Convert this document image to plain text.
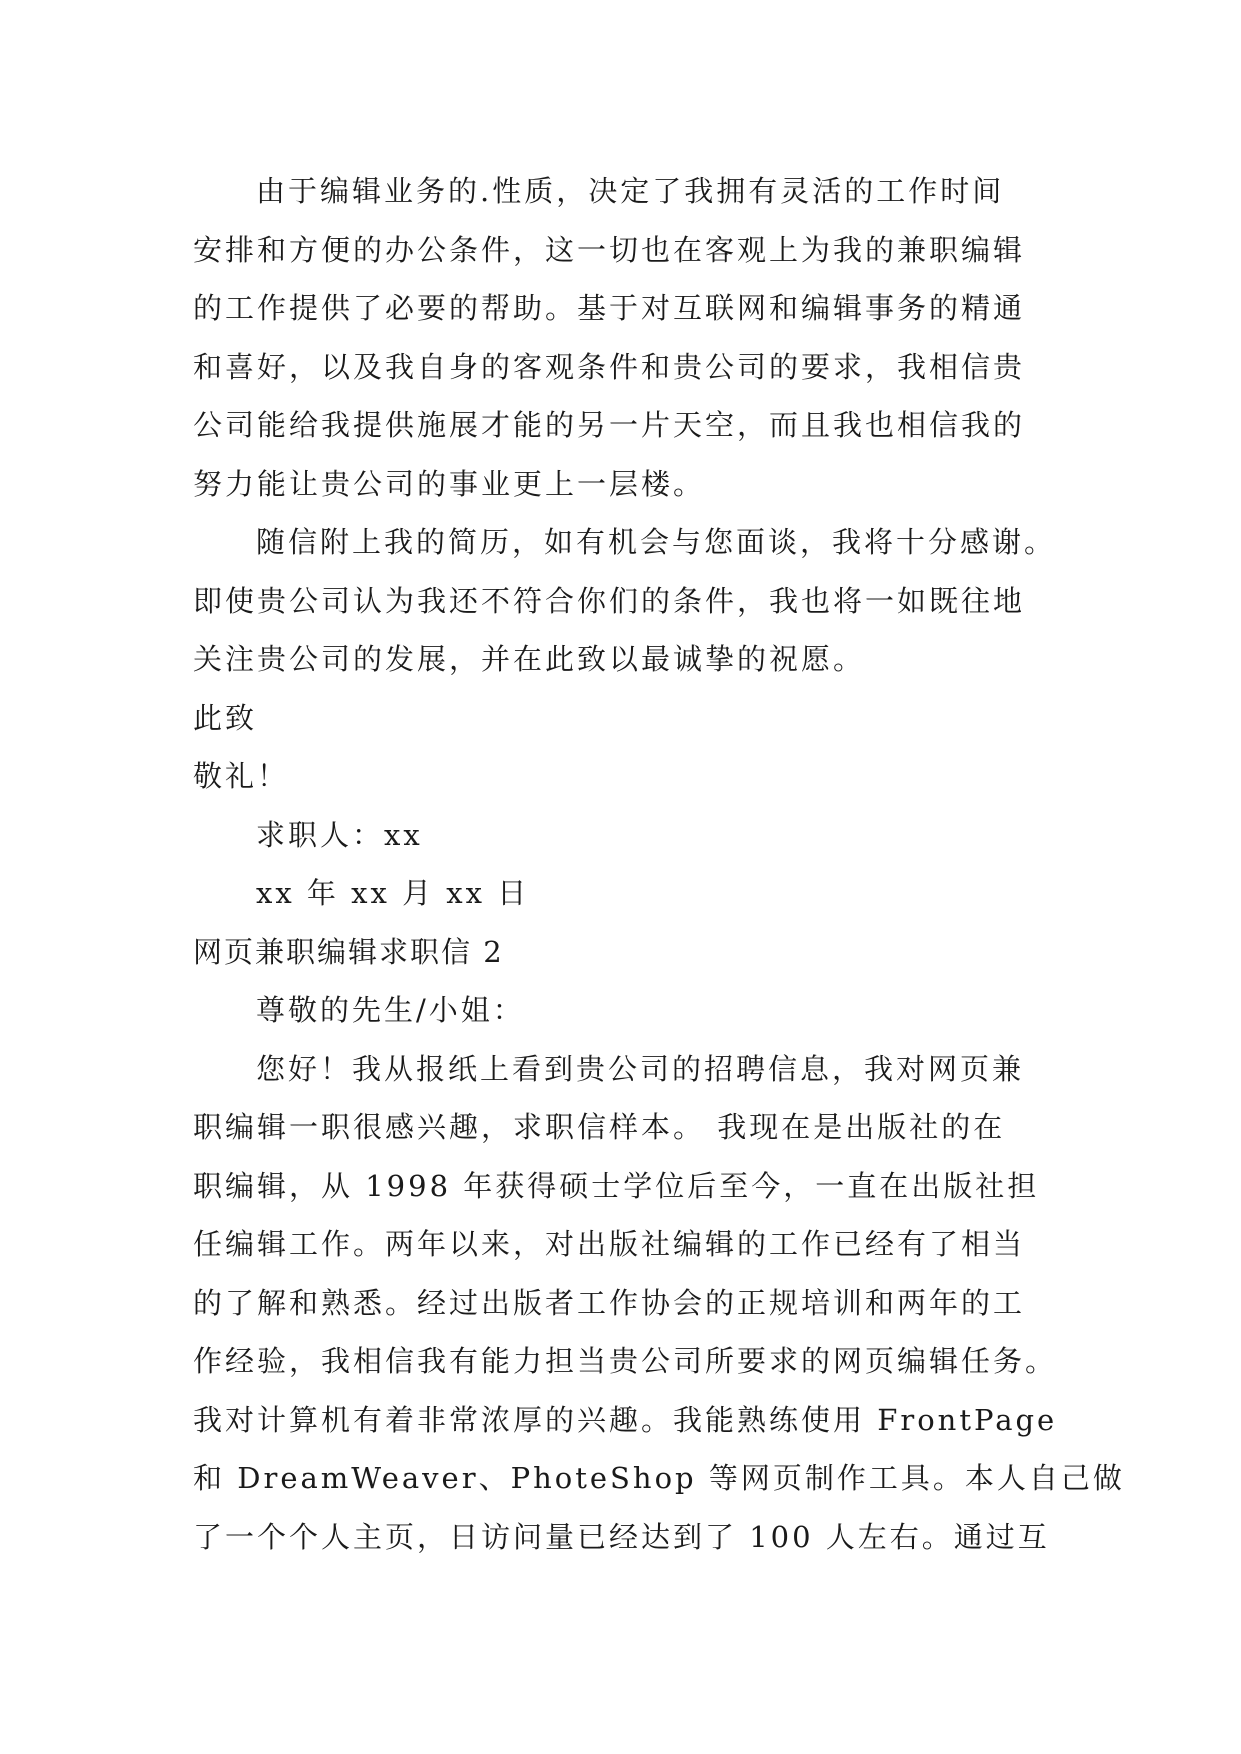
由于编辑业务的.性质，决定了我拥有灵活的工作时间
安排和方便的办公条件，这一切也在客观上为我的兼职编辑
的工作提供了必要的帮助。基于对互联网和编辑事务的精通
和喜好，以及我自身的客观条件和贵公司的要求，我相信贵
公司能给我提供施展才能的另一片天空，而且我也相信我的
努力能让贵公司的事业更上一层楼。
随信附上我的简历，如有机会与您面谈，我将十分感谢。
即使贵公司认为我还不符合你们的条件，我也将一如既往地
关注贵公司的发展，并在此致以最诚挚的祝愿。
此致
敬礼！
求职人：xx
xx 年 xx 月 xx 日
网页兼职编辑求职信 2
尊敬的先生/小姐：
您好！我从报纸上看到贵公司的招聘信息，我对网页兼
职编辑一职很感兴趣，求职信样本。 我现在是出版社的在
职编辑，从 1998 年获得硕士学位后至今，一直在出版社担
任编辑工作。两年以来，对出版社编辑的工作已经有了相当
的了解和熟悉。经过出版者工作协会的正规培训和两年的工
作经验，我相信我有能力担当贵公司所要求的网页编辑任务。
我对计算机有着非常浓厚的兴趣。我能熟练使用 FrontPage
和 DreamWeaver、PhoteShop 等网页制作工具。本人自己做
了一个个人主页，日访问量已经达到了 100 人左右。通过互
